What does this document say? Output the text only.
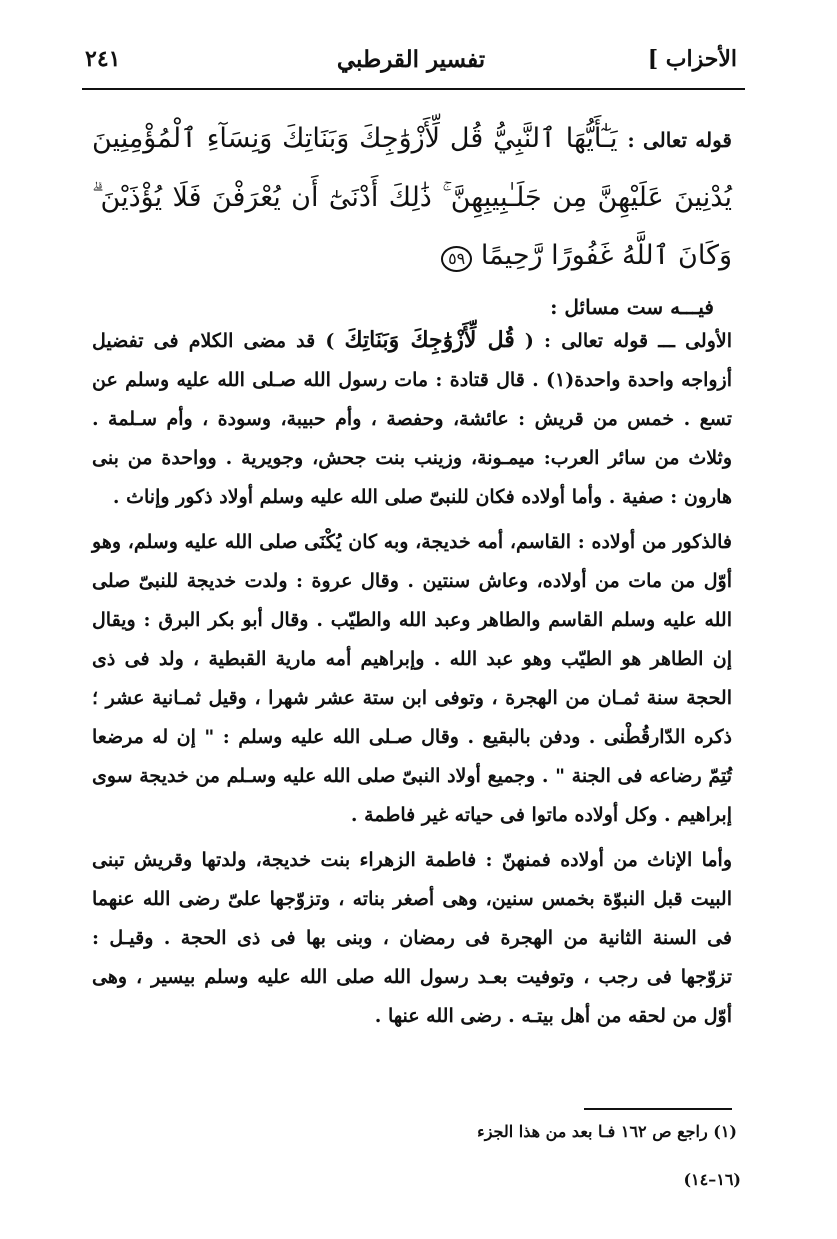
الأحزاب ]
تفسير القرطبي
٢٤١

قوله تعالى : يَـٰٓأَيُّهَا ٱلنَّبِيُّ قُل لِّأَزْوَٰجِكَ وَبَنَاتِكَ وَنِسَآءِ ٱلْمُؤْمِنِينَ يُدْنِينَ عَلَيْهِنَّ مِن جَلَـٰبِيبِهِنَّ ۚ ذَٰلِكَ أَدْنَىٰٓ أَن يُعْرَفْنَ فَلَا يُؤْذَيْنَ ۗ وَكَانَ ٱللَّهُ غَفُورًا رَّحِيمًا ٥٩

فيـــه ست مسائل :

الأولى ـــ قوله تعالى : ( قُل لِّأَزْوَٰجِكَ وَبَنَاتِكَ ) قد مضى الكلام فى تفضيل أزواجه واحدة واحدة(١) . قال قتادة : مات رسول الله صـلى الله عليه وسلم عن تسع . خمس من قريش : عائشة، وحفصة ، وأم حبيبة، وسودة ، وأم سـلمة . وثلاث من سائر العرب: ميمـونة، وزينب بنت جحش، وجويرية . وواحدة من بنى هارون : صفية . وأما أولاده فكان للنبىّ صلى الله عليه وسلم أولاد ذكور وإناث .

فالذكور من أولاده : القاسم، أمه خديجة، وبه كان يُكْنَى صلى الله عليه وسلم، وهو أوّل من مات من أولاده، وعاش سنتين . وقال عروة : ولدت خديجة للنبىّ صلى الله عليه وسلم القاسم والطاهر وعبد الله والطيّب . وقال أبو بكر البرق : ويقال إن الطاهر هو الطيّب وهو عبد الله . وإبراهيم أمه مارية القبطية ، ولد فى ذى الحجة سنة ثمـان من الهجرة ، وتوفى ابن ستة عشر شهرا ، وقيل ثمـانية عشر ؛ ذكره الدّارقُطْنى . ودفن بالبقيع . وقال صـلى الله عليه وسلم : " إن له مرضعا تُتِمّ رضاعه فى الجنة " . وجميع أولاد النبىّ صلى الله عليه وسـلم من خديجة سوى إبراهيم . وكل أولاده ماتوا فى حياته غير فاطمة .

وأما الإناث من أولاده فمنهنّ : فاطمة الزهراء بنت خديجة، ولدتها وقريش تبنى البيت قبل النبوّة بخمس سنين، وهى أصغر بناته ، وتزوّجها علىّ رضى الله عنهما فى السنة الثانية من الهجرة فى رمضان ، وبنى بها فى ذى الحجة . وقيـل : تزوّجها فى رجب ، وتوفيت بعـد رسول الله صلى الله عليه وسلم بيسير ، وهى أوّل من لحقه من أهل بيتـه . رضى الله عنها .

(١) راجع ص ١٦٢ فـا بعد من هذا الجزء
(١٦–١٤)
